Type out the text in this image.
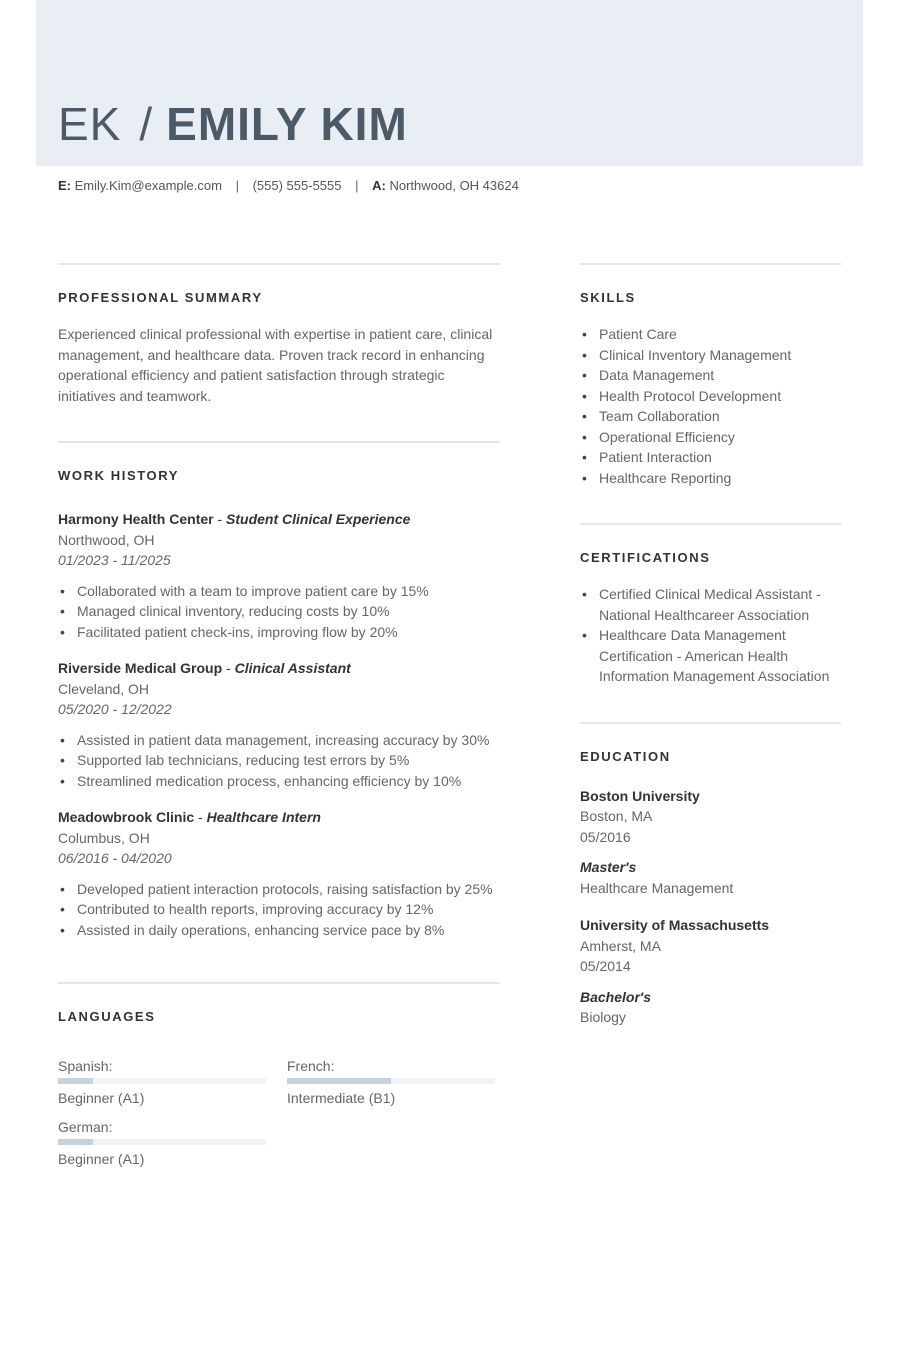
EK / EMILY KIM
E: Emily.Kim@example.com | (555) 555-5555 | A: Northwood, OH 43624
PROFESSIONAL SUMMARY
Experienced clinical professional with expertise in patient care, clinical management, and healthcare data. Proven track record in enhancing operational efficiency and patient satisfaction through strategic initiatives and teamwork.
WORK HISTORY
Harmony Health Center - Student Clinical Experience
Northwood, OH
01/2023 - 11/2025
• Collaborated with a team to improve patient care by 15%
• Managed clinical inventory, reducing costs by 10%
• Facilitated patient check-ins, improving flow by 20%
Riverside Medical Group - Clinical Assistant
Cleveland, OH
05/2020 - 12/2022
• Assisted in patient data management, increasing accuracy by 30%
• Supported lab technicians, reducing test errors by 5%
• Streamlined medication process, enhancing efficiency by 10%
Meadowbrook Clinic - Healthcare Intern
Columbus, OH
06/2016 - 04/2020
• Developed patient interaction protocols, raising satisfaction by 25%
• Contributed to health reports, improving accuracy by 12%
• Assisted in daily operations, enhancing service pace by 8%
LANGUAGES
Spanish:
Beginner (A1)
French:
Intermediate (B1)
German:
Beginner (A1)
SKILLS
• Patient Care
• Clinical Inventory Management
• Data Management
• Health Protocol Development
• Team Collaboration
• Operational Efficiency
• Patient Interaction
• Healthcare Reporting
CERTIFICATIONS
• Certified Clinical Medical Assistant - National Healthcareer Association
• Healthcare Data Management Certification - American Health Information Management Association
EDUCATION
Boston University
Boston, MA
05/2016
Master's
Healthcare Management
University of Massachusetts
Amherst, MA
05/2014
Bachelor's
Biology
